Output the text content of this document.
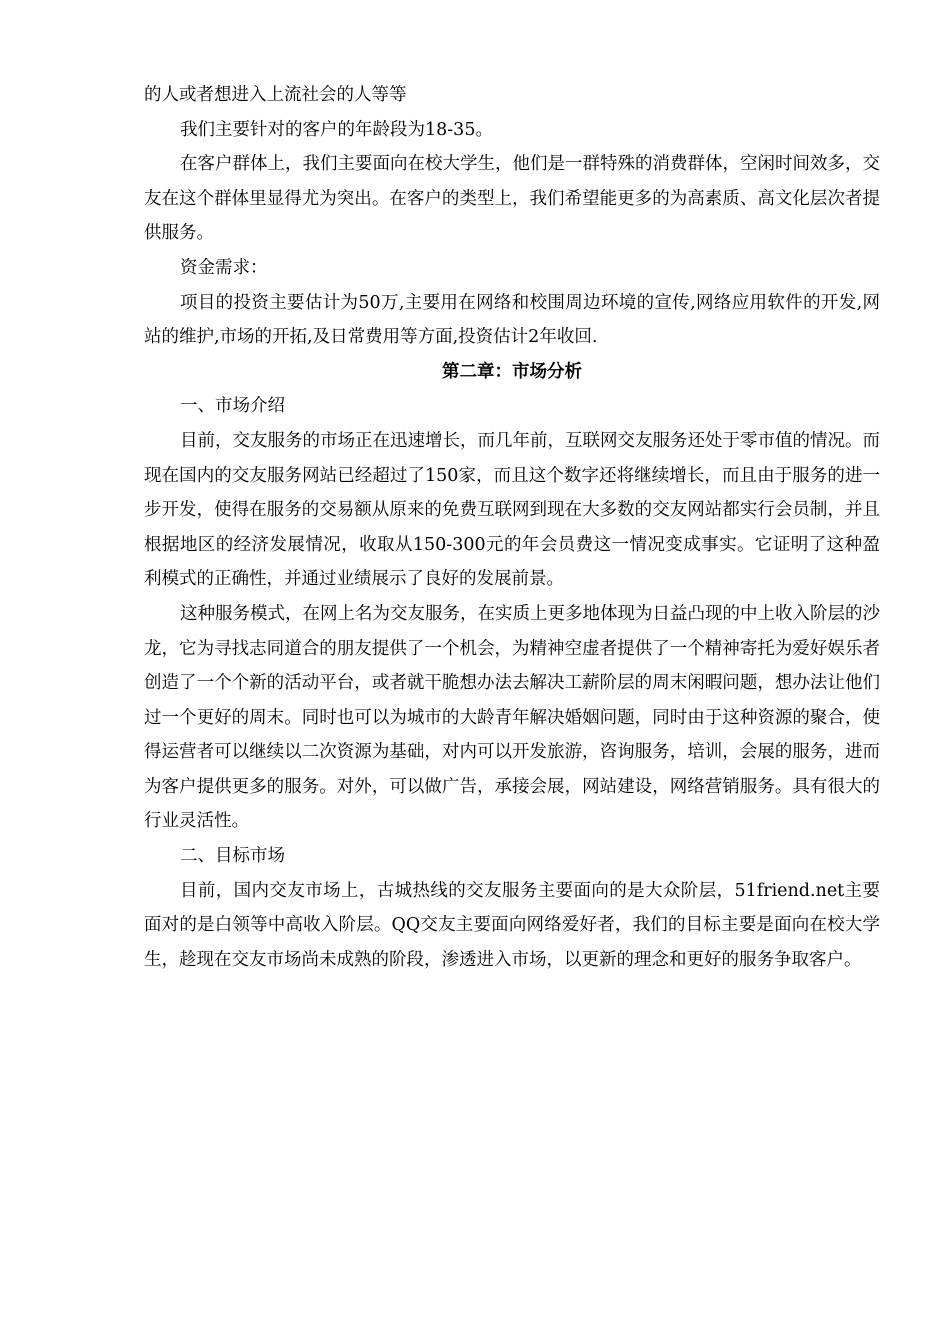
的人或者想进入上流社会的人等等

我们主要针对的客户的年龄段为18-35。

在客户群体上，我们主要面向在校大学生，他们是一群特殊的消费群体，空闲时间效多，交友在这个群体里显得尤为突出。在客户的类型上，我们希望能更多的为高素质、高文化层次者提供服务。

资金需求：

项目的投资主要估计为50万,主要用在网络和校围周边环境的宣传,网络应用软件的开发,网站的维护,市场的开拓,及日常费用等方面,投资估计2年收回.

第二章：市场分析

一、市场介绍

目前，交友服务的市场正在迅速增长，而几年前，互联网交友服务还处于零市值的情况。而现在国内的交友服务网站已经超过了150家，而且这个数字还将继续增长，而且由于服务的进一步开发，使得在服务的交易额从原来的免费互联网到现在大多数的交友网站都实行会员制，并且根据地区的经济发展情况，收取从150-300元的年会员费这一情况变成事实。它证明了这种盈利模式的正确性，并通过业绩展示了良好的发展前景。

这种服务模式，在网上名为交友服务，在实质上更多地体现为日益凸现的中上收入阶层的沙龙，它为寻找志同道合的朋友提供了一个机会，为精神空虚者提供了一个精神寄托为爱好娱乐者创造了一个个新的活动平台，或者就干脆想办法去解决工薪阶层的周末闲暇问题，想办法让他们过一个更好的周末。同时也可以为城市的大龄青年解决婚姻问题，同时由于这种资源的聚合，使得运营者可以继续以二次资源为基础，对内可以开发旅游，咨询服务，培训，会展的服务，进而为客户提供更多的服务。对外，可以做广告，承接会展，网站建设，网络营销服务。具有很大的行业灵活性。

二、目标市场

目前，国内交友市场上，古城热线的交友服务主要面向的是大众阶层，51friend.net主要面对的是白领等中高收入阶层。QQ交友主要面向网络爱好者，我们的目标主要是面向在校大学生，趁现在交友市场尚未成熟的阶段，渗透进入市场，以更新的理念和更好的服务争取客户。
